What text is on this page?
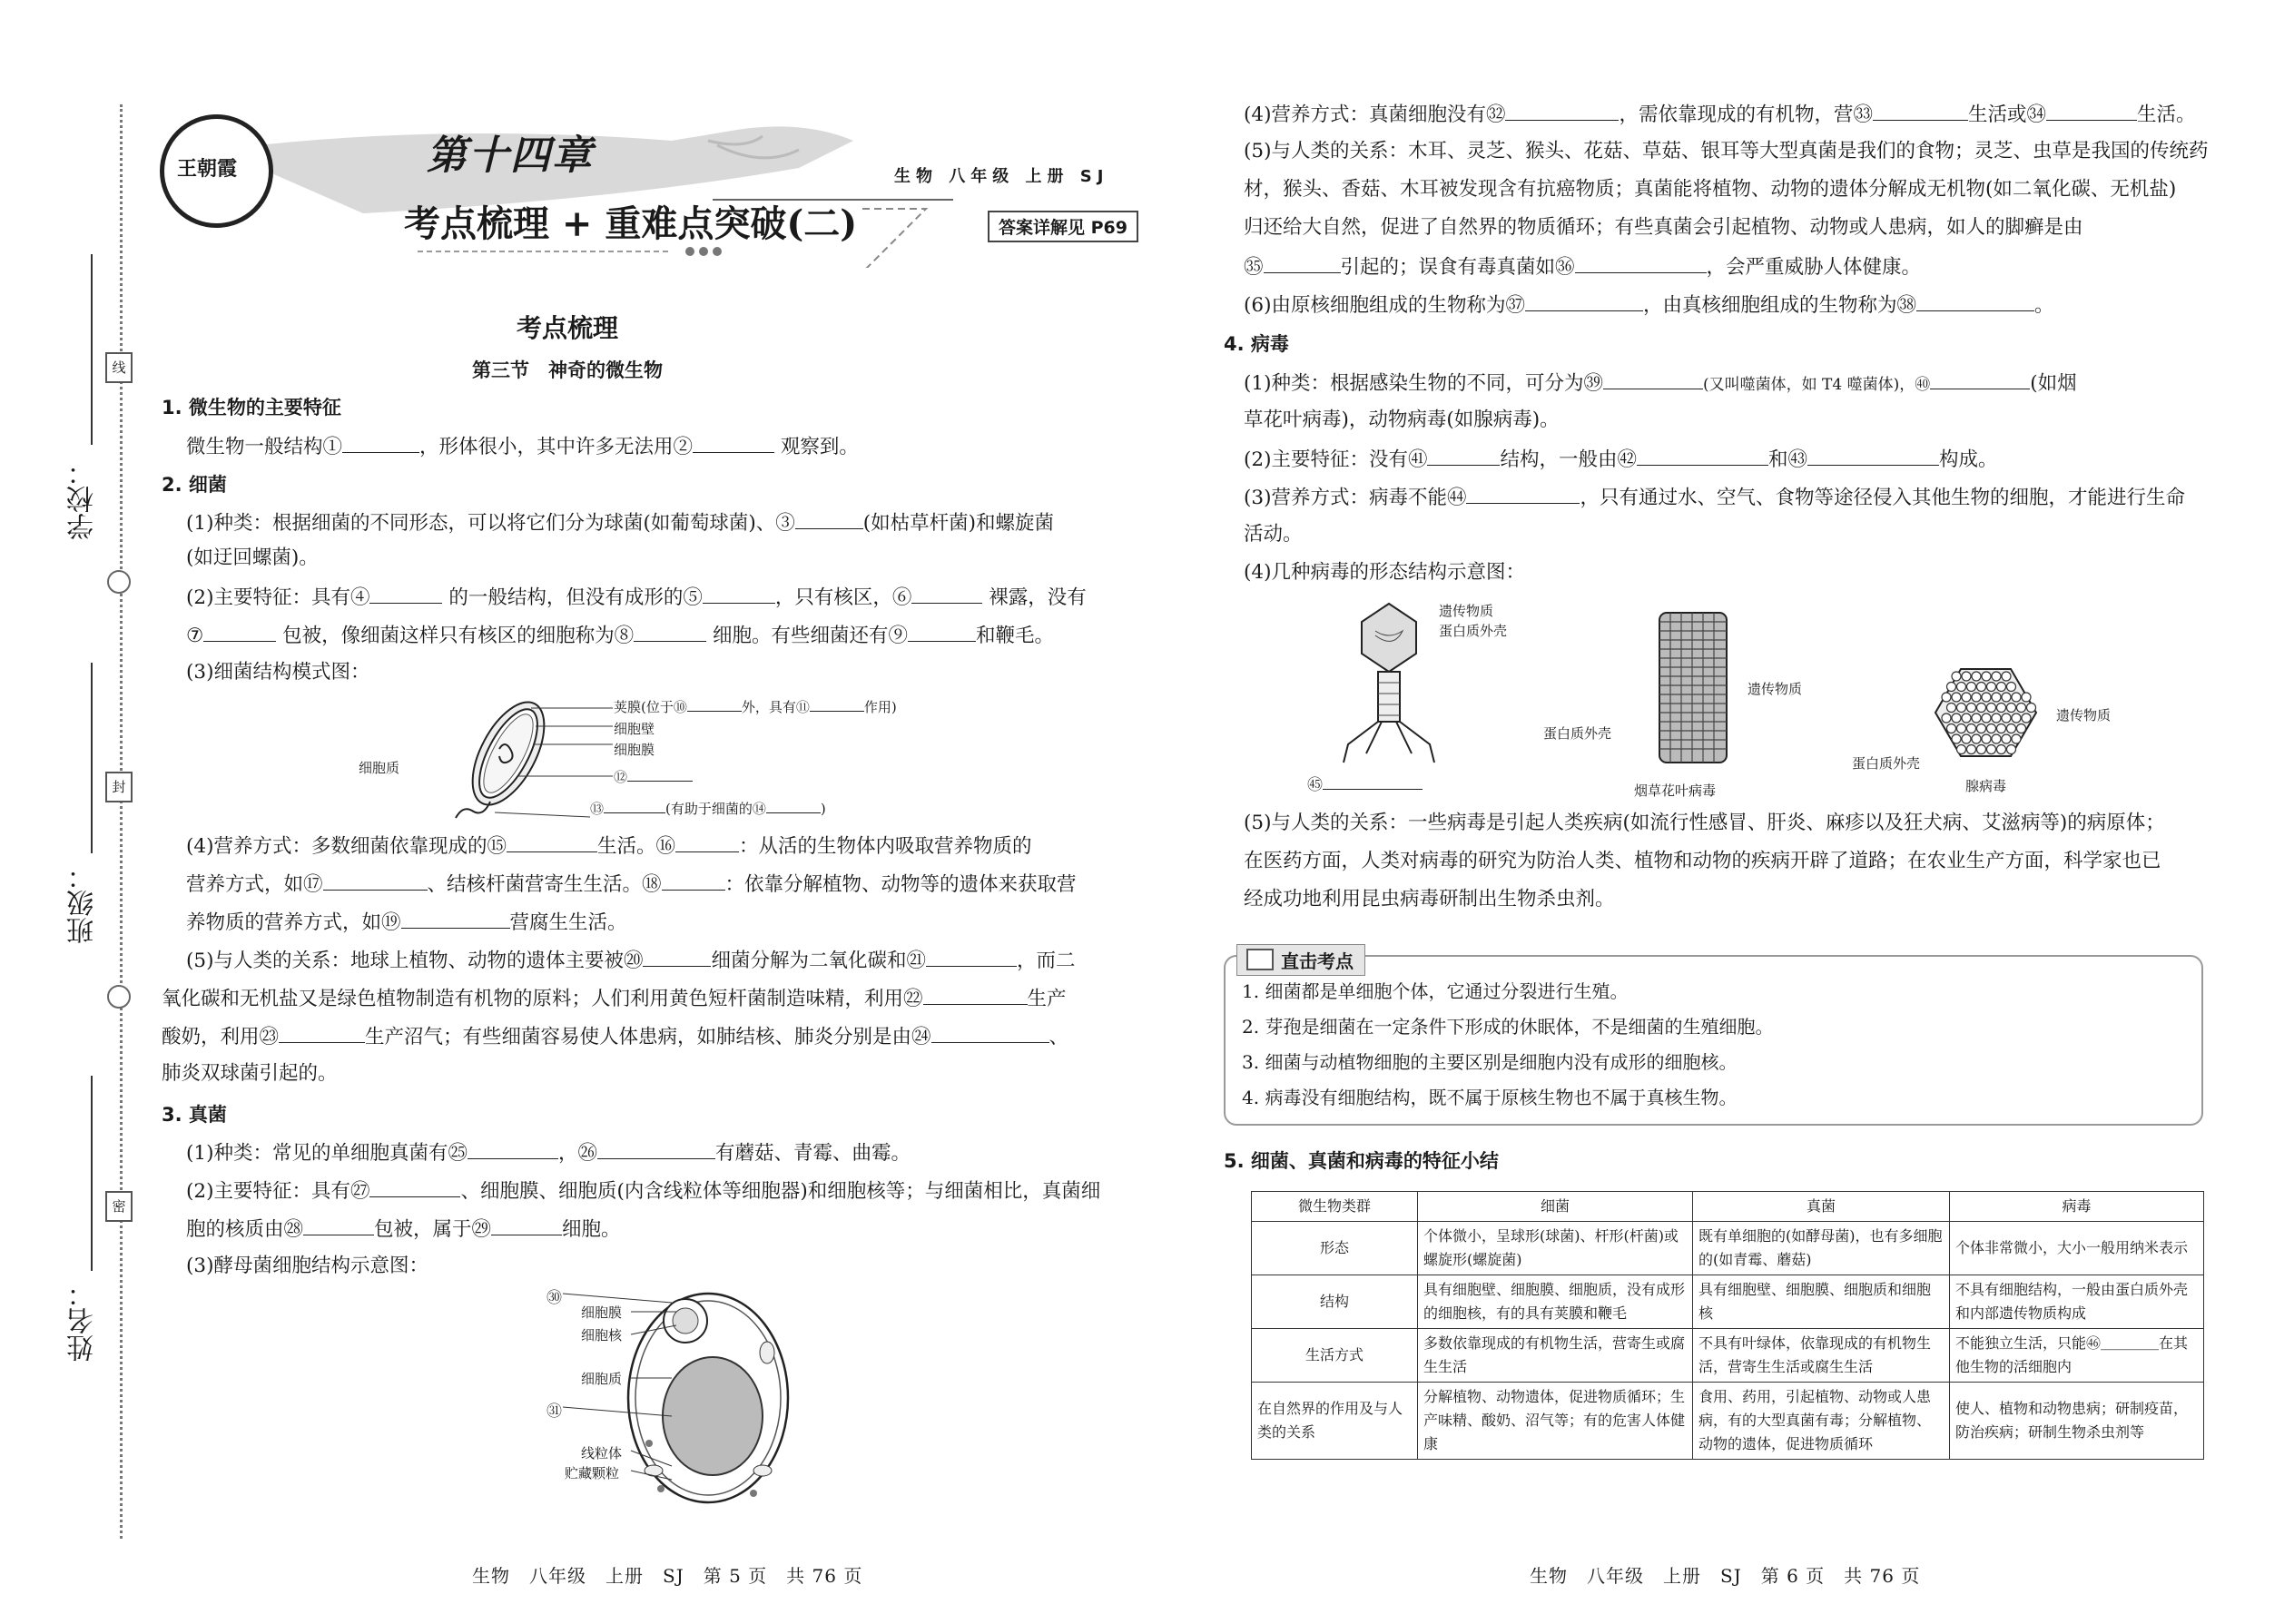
学校：
班级：
姓名：
线
封
密
王朝霞	第十四章
考点梳理 + 重难点突破(二)
生物 八年级 上册 SJ
答案详解见 P69
考点梳理
第三节　神奇的微生物
1. 微生物的主要特征
微生物一般结构①	，形体很小，其中许多无法用②	观察到。
2. 细菌
(1)种类：根据细菌的不同形态，可以将它们分为球菌(如葡萄球菌)、③	(如枯草杆菌)和螺旋菌
(如迂回螺菌)。
(2)主要特征：具有④	的一般结构，但没有成形的⑤	，只有核区，⑥	裸露，没有
⑦	包被，像细菌这样只有核区的细胞称为⑧	细胞。有些细菌还有⑨	和鞭毛。
(3)细菌结构模式图：
荚膜(位于⑩	外，具有⑪	作用)
细胞壁
细胞膜
⑫
细胞质
⑬	(有助于细菌的⑭	)
(4)营养方式：多数细菌依靠现成的⑮	生活。⑯	：从活的生物体内吸取营养物质的
营养方式，如⑰	、结核杆菌营寄生生活。⑱	：依靠分解植物、动物等的遗体来获取营
养物质的营养方式，如⑲	营腐生生活。
(5)与人类的关系：地球上植物、动物的遗体主要被⑳	细菌分解为二氧化碳和㉑	，而二
氧化碳和无机盐又是绿色植物制造有机物的原料；人们利用黄色短杆菌制造味精，利用㉒	生产
酸奶，利用㉓	生产沼气；有些细菌容易使人体患病，如肺结核、肺炎分别是由㉔	、
肺炎双球菌引起的。
3. 真菌
(1)种类：常见的单细胞真菌有㉕	，㉖	有蘑菇、青霉、曲霉。
(2)主要特征：具有㉗	、细胞膜、细胞质(内含线粒体等细胞器)和细胞核等；与细菌相比，真菌细
胞的核质由㉘	包被，属于㉙	细胞。
(3)酵母菌细胞结构示意图：
㉚
细胞膜
细胞核
细胞质
㉛
线粒体
贮藏颗粒
生物　八年级　上册　SJ　第 5 页　共 76 页
(4)营养方式：真菌细胞没有㉜	，需依靠现成的有机物，营㉝	生活或㉞	生活。
(5)与人类的关系：木耳、灵芝、猴头、花菇、草菇、银耳等大型真菌是我们的食物；灵芝、虫草是我国的传统药
材，猴头、香菇、木耳被发现含有抗癌物质；真菌能将植物、动物的遗体分解成无机物(如二氧化碳、无机盐)
归还给大自然，促进了自然界的物质循环；有些真菌会引起植物、动物或人患病，如人的脚癣是由
㉟	引起的；误食有毒真菌如㊱	，会严重威胁人体健康。
(6)由原核细胞组成的生物称为㊲	，由真核细胞组成的生物称为㊳	。
4. 病毒
(1)种类：根据感染生物的不同，可分为㊴	(又叫噬菌体，如 T4 噬菌体)，㊵	(如烟
草花叶病毒)，动物病毒(如腺病毒)。
(2)主要特征：没有㊶	结构，一般由㊷	和㊸	构成。
(3)营养方式：病毒不能㊹	，只有通过水、空气、食物等途径侵入其他生物的细胞，才能进行生命
活动。
(4)几种病毒的形态结构示意图：
遗传物质
蛋白质外壳
㊺
遗传物质
蛋白质外壳
烟草花叶病毒
遗传物质
蛋白质外壳
腺病毒
(5)与人类的关系：一些病毒是引起人类疾病(如流行性感冒、肝炎、麻疹以及狂犬病、艾滋病等)的病原体；
在医药方面，人类对病毒的研究为防治人类、植物和动物的疾病开辟了道路；在农业生产方面，科学家也已
经成功地利用昆虫病毒研制出生物杀虫剂。
直击考点
1. 细菌都是单细胞个体，它通过分裂进行生殖。
2. 芽孢是细菌在一定条件下形成的休眠体，不是细菌的生殖细胞。
3. 细菌与动植物细胞的主要区别是细胞内没有成形的细胞核。
4. 病毒没有细胞结构，既不属于原核生物也不属于真核生物。
5. 细菌、真菌和病毒的特征小结
微生物类群	细菌	真菌	病毒
形态	个体微小，呈球形(球菌)、杆形(杆菌)或螺旋形(螺旋菌)	既有单细胞的(如酵母菌)，也有多细胞的(如青霉、蘑菇)	个体非常微小，大小一般用纳米表示
结构	具有细胞壁、细胞膜、细胞质，没有成形的细胞核，有的具有荚膜和鞭毛	具有细胞壁、细胞膜、细胞质和细胞核	不具有细胞结构，一般由蛋白质外壳和内部遗传物质构成
生活方式	多数依靠现成的有机物生活，营寄生或腐生生活	不具有叶绿体，依靠现成的有机物生活，营寄生生活或腐生生活	不能独立生活，只能㊻＿＿＿＿在其他生物的活细胞内
在自然界的作用及与人类的关系	分解植物、动物遗体，促进物质循环；生产味精、酸奶、沼气等；有的危害人体健康	食用、药用，引起植物、动物或人患病，有的大型真菌有毒；分解植物、动物的遗体，促进物质循环	使人、植物和动物患病；研制疫苗，防治疾病；研制生物杀虫剂等
生物　八年级　上册　SJ　第 6 页　共 76 页
